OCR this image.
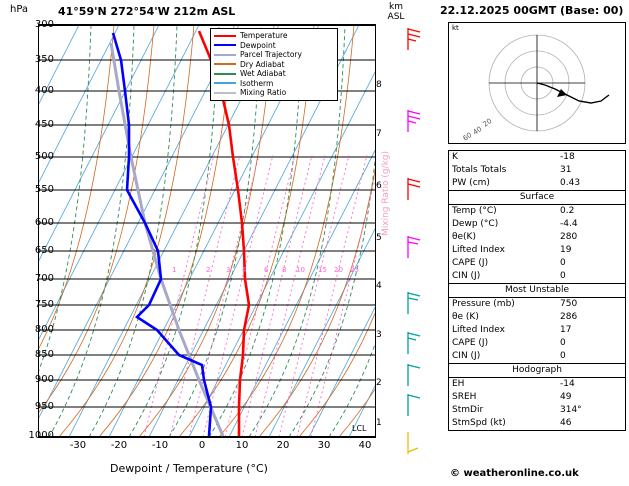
hPa	41°59'N 272°54'W 212m ASL	km
ASL
300
350
400
450
500
550
600
650
700
750
800
850
900
950
1000
-30	-20	-10	0	10	20	30	40
Dewpoint / Temperature (°C)
8
7
6
5
4
3
2
1
1	2 3 4	6 8 10 15 20 25
Mixing Ratio (g/kg)
LCL
Temperature
Dewpoint
Parcel Trajectory
Dry Adiabat
Wet Adiabat
Isotherm
Mixing Ratio
22.12.2025 00GMT (Base: 00)
kt
20
40
60
K	-18
Totals Totals	31
PW (cm)	0.43
Surface	
Temp (°C)	0.2
Dewp (°C)	-4.4
θe(K)	280
Lifted Index	19
CAPE (J)	0
CIN (J)	0
Most Unstable	
Pressure (mb)	750
θe (K)	286
Lifted Index	17
CAPE (J)	0
CIN (J)	0
Hodograph	
EH	-14
SREH	49
StmDir	314°
StmSpd (kt)	46
© weatheronline.co.uk
